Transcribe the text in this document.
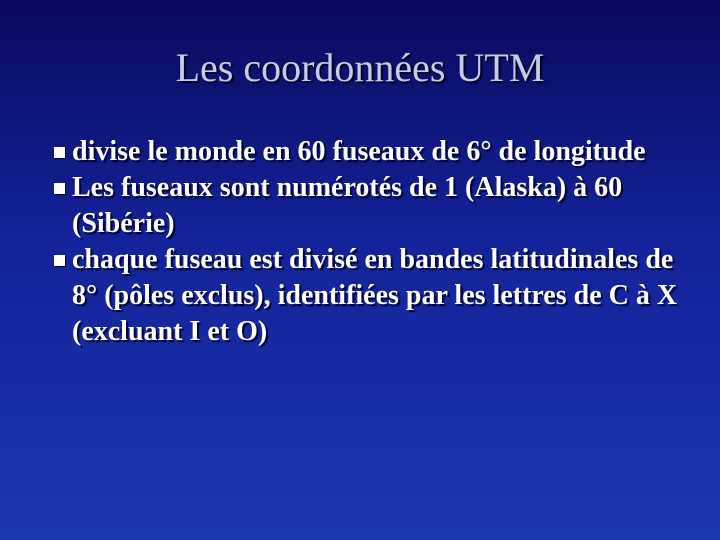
Les coordonnées UTM
divise le monde en 60 fuseaux de 6° de longitude
Les fuseaux sont numérotés de 1 (Alaska) à 60 (Sibérie)
chaque fuseau est divisé en bandes latitudinales de 8° (pôles exclus), identifiées par les lettres de C à X (excluant I et O)
